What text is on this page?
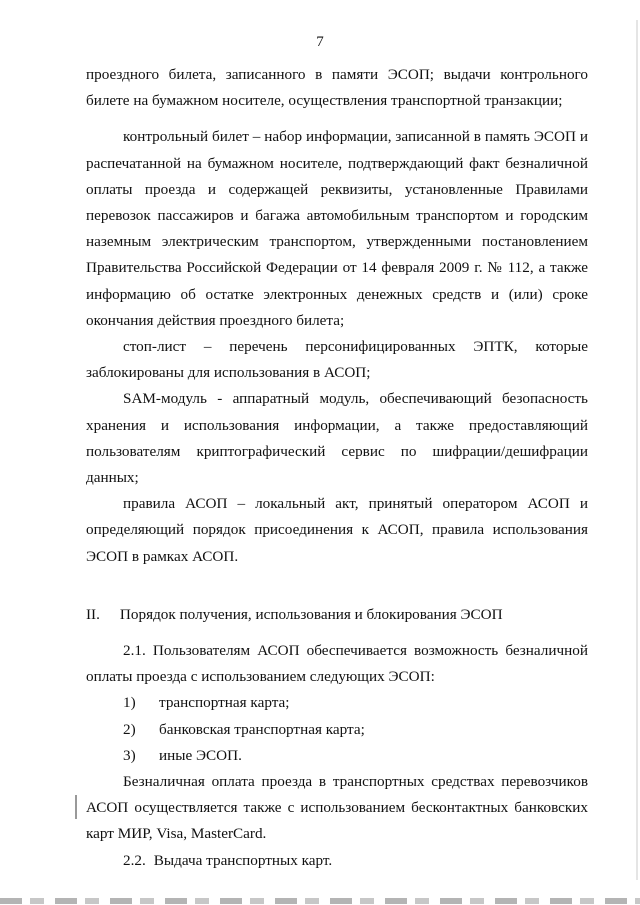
7

проездного билета, записанного в памяти ЭСОП; выдачи контрольного билете на бумажном носителе, осуществления транспортной транзакции;

контрольный билет – набор информации, записанной в память ЭСОП и распечатанной на бумажном носителе, подтверждающий факт безналичной оплаты проезда и содержащей реквизиты, установленные Правилами перевозок пассажиров и багажа автомобильным транспортом и городским наземным электрическим транспортом, утвержденными постановлением Правительства Российской Федерации от 14 февраля 2009 г. № 112, а также информацию об остатке электронных денежных средств и (или) сроке окончания действия проездного билета;

стоп-лист – перечень персонифицированных ЭПТК, которые

заблокированы для использования в АСОП;

SAM-модуль - аппаратный модуль, обеспечивающий безопасность хранения и использования информации, а также предоставляющий пользователям криптографический сервис по шифрации/дешифрации данных;

правила АСОП – локальный акт, принятый оператором АСОП и определяющий порядок присоединения к АСОП, правила использования ЭСОП в рамках АСОП.

II. Порядок получения, использования и блокирования ЭСОП

2.1. Пользователям АСОП обеспечивается возможность безналичной оплаты проезда с использованием следующих ЭСОП:

1) транспортная карта;

2) банковская транспортная карта;

3) иные ЭСОП.

Безналичная оплата проезда в транспортных средствах перевозчиков АСОП осуществляется также с использованием бесконтактных банковских карт МИР, Visa, MasterCard.

2.2. Выдача транспортных карт.
